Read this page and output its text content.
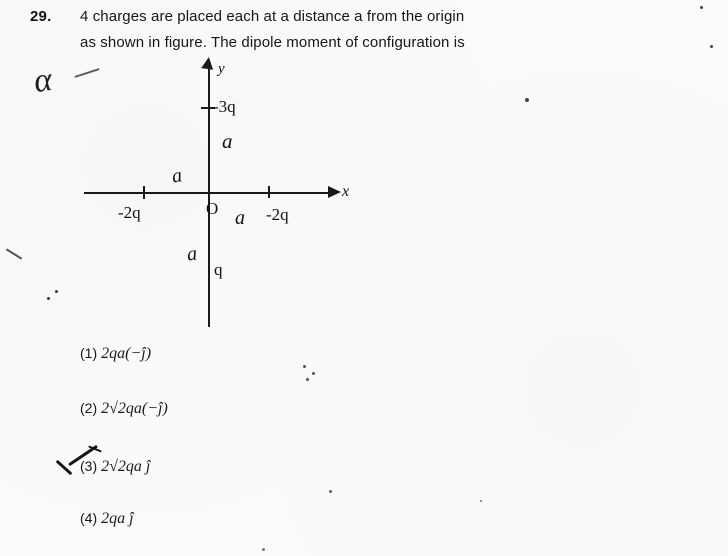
29. 4 charges are placed each at a distance a from the origin
as shown in figure. The dipole moment of configuration is
α	y
x
-3q
-2q	-2q
q
O
a
a
a
a
(1) 2qa(−ĵ)
(2) 2√2qa(−ĵ)
(3) 2√2qa ĵ
(4) 2qa ĵ
